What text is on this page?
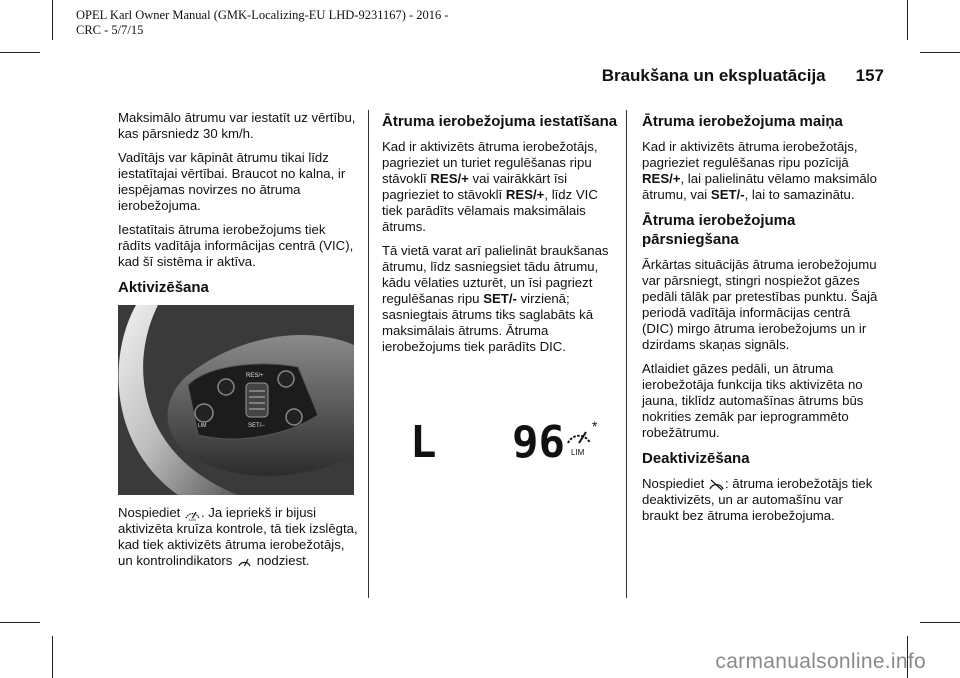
OPEL Karl Owner Manual (GMK-Localizing-EU LHD-9231167) - 2016 -
CRC - 5/7/15
Braukšana un ekspluatācija 157

Maksimālo ātrumu var iestatīt uz vērtību, kas pārsniedz 30 km/h.

Vadītājs var kāpināt ātrumu tikai līdz iestatītajai vērtībai. Braucot no kalna, ir iespējamas novirzes no ātruma ierobežojuma.

Iestatītais ātruma ierobežojums tiek rādīts vadītāja informācijas centrā (VIC), kad šī sistēma ir aktīva.

Aktivizēšana
RES/+
SET/–
LIM

Nospiediet LIM . Ja iepriekš ir bijusi aktivizēta kruīza kontrole, tā tiek izslēgta, kad tiek aktivizēts ātruma ierobežotājs, un kontrolindikators nodziest.

Ātruma ierobežojuma iestatīšana

Kad ir aktivizēts ātruma ierobežotājs, pagrieziet un turiet regulēšanas ripu stāvoklī RES/+ vai vairākkārt īsi pagrieziet to stāvoklī RES/+, līdz VIC tiek parādīts vēlamais maksimālais ātrums.

Tā vietā varat arī palielināt braukšanas ātrumu, līdz sasniegsiet tādu ātrumu, kādu vēlaties uzturēt, un īsi pagriezt regulēšanas ripu SET/- virzienā; sasniegtais ātrums tiks saglabāts kā maksimālais ātrums. Ātruma ierobežojums tiek parādīts DIC.

L 96 LIM
*
Ātruma ierobežojuma maiņa

Kad ir aktivizēts ātruma ierobežotājs, pagrieziet regulēšanas ripu pozīcijā RES/+, lai palielinātu vēlamo maksimālo ātrumu, vai SET/-, lai to samazinātu.

Ātruma ierobežojuma pārsniegšana

Ārkārtas situācijās ātruma ierobežojumu var pārsniegt, stingri nospiežot gāzes pedāli tālāk par pretestības punktu. Šajā periodā vadītāja informācijas centrā (DIC) mirgo ātruma ierobežojums un ir dzirdams skaņas signāls.

Atlaidiet gāzes pedāli, un ātruma ierobežotāja funkcija tiks aktivizēta no jauna, tiklīdz automašīnas ātrums būs nokrities zemāk par ieprogrammēto robežātrumu.

Deaktivizēšana

Nospiediet : ātruma ierobežotājs tiek deaktivizēts, un ar automašīnu var braukt bez ātruma ierobežojuma.

carmanualsonline.info
